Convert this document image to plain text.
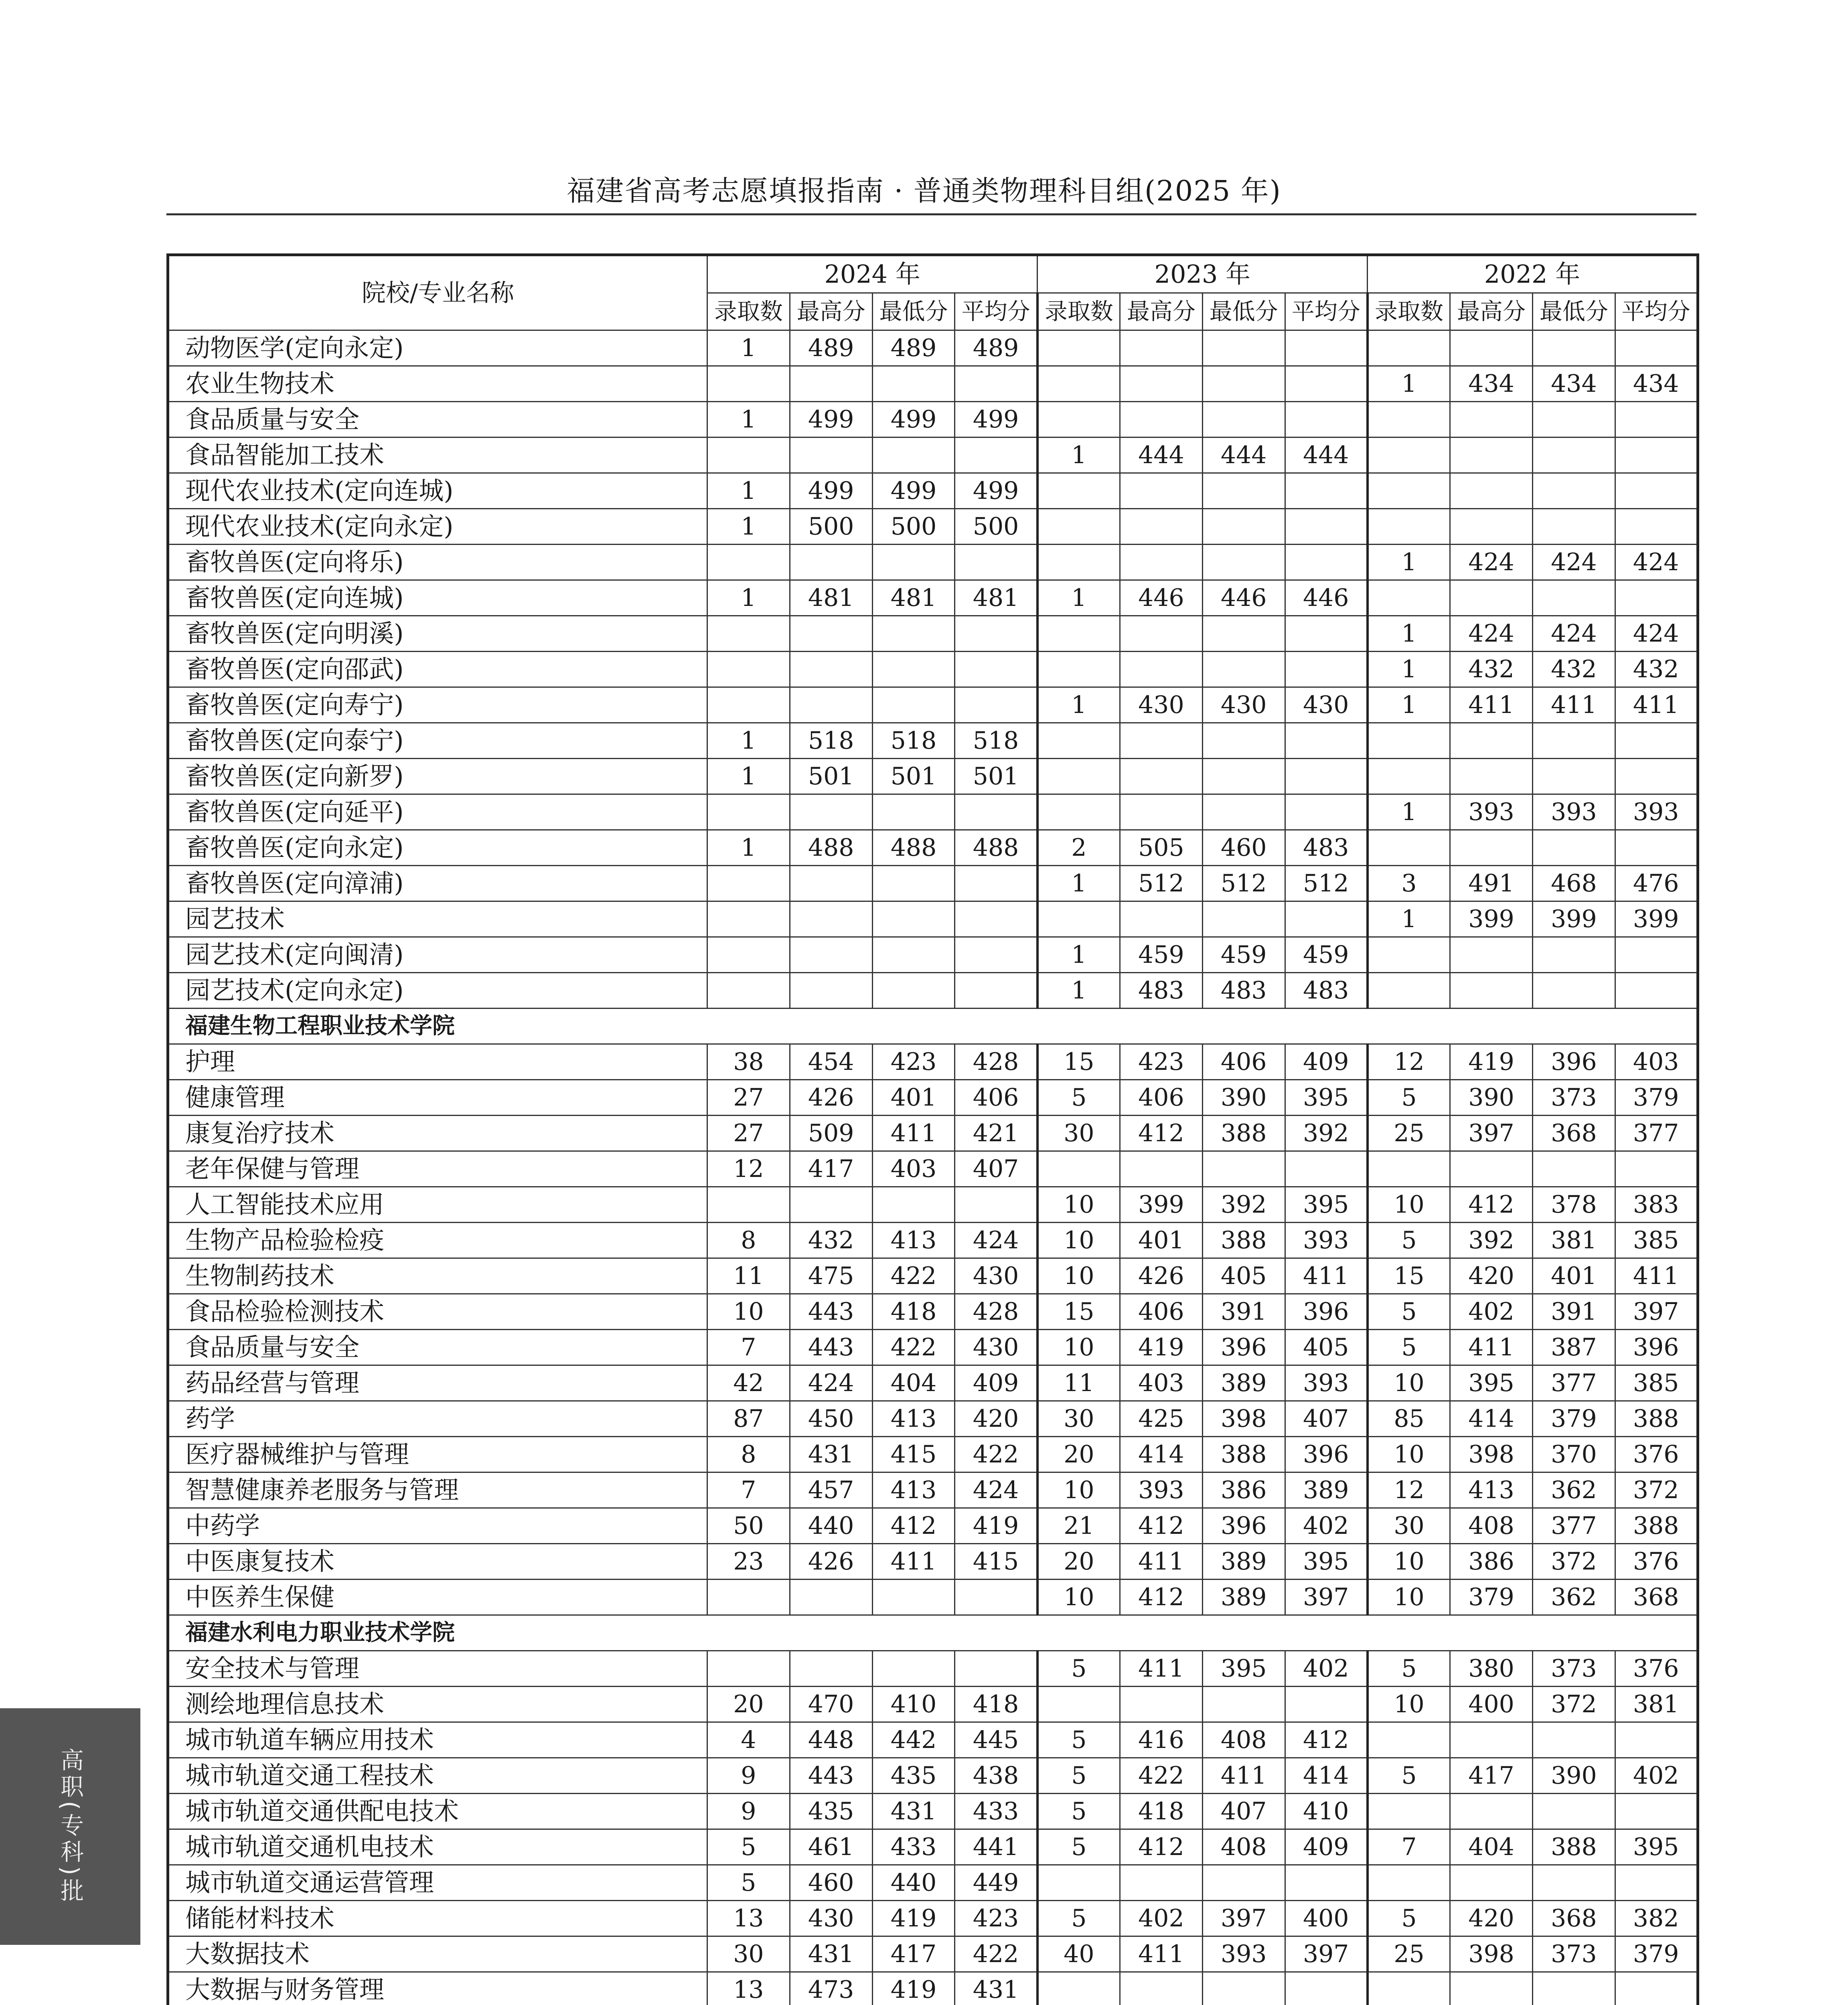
福建省高考志愿填报指南 · 普通类物理科目组(2025 年)
院校/专业名称	2024 年				2023 年				2022 年			
	录取数	最高分	最低分	平均分	录取数	最高分	最低分	平均分	录取数	最高分	最低分	平均分
动物医学(定向永定)	1	489	489	489								
农业生物技术									1	434	434	434
食品质量与安全	1	499	499	499								
食品智能加工技术					1	444	444	444				
现代农业技术(定向连城)	1	499	499	499								
现代农业技术(定向永定)	1	500	500	500								
畜牧兽医(定向将乐)									1	424	424	424
畜牧兽医(定向连城)	1	481	481	481	1	446	446	446				
畜牧兽医(定向明溪)									1	424	424	424
畜牧兽医(定向邵武)									1	432	432	432
畜牧兽医(定向寿宁)					1	430	430	430	1	411	411	411
畜牧兽医(定向泰宁)	1	518	518	518								
畜牧兽医(定向新罗)	1	501	501	501								
畜牧兽医(定向延平)									1	393	393	393
畜牧兽医(定向永定)	1	488	488	488	2	505	460	483				
畜牧兽医(定向漳浦)					1	512	512	512	3	491	468	476
园艺技术									1	399	399	399
园艺技术(定向闽清)					1	459	459	459				
园艺技术(定向永定)					1	483	483	483				
福建生物工程职业技术学院												
护理	38	454	423	428	15	423	406	409	12	419	396	403
健康管理	27	426	401	406	5	406	390	395	5	390	373	379
康复治疗技术	27	509	411	421	30	412	388	392	25	397	368	377
老年保健与管理	12	417	403	407								
人工智能技术应用					10	399	392	395	10	412	378	383
生物产品检验检疫	8	432	413	424	10	401	388	393	5	392	381	385
生物制药技术	11	475	422	430	10	426	405	411	15	420	401	411
食品检验检测技术	10	443	418	428	15	406	391	396	5	402	391	397
食品质量与安全	7	443	422	430	10	419	396	405	5	411	387	396
药品经营与管理	42	424	404	409	11	403	389	393	10	395	377	385
药学	87	450	413	420	30	425	398	407	85	414	379	388
医疗器械维护与管理	8	431	415	422	20	414	388	396	10	398	370	376
智慧健康养老服务与管理	7	457	413	424	10	393	386	389	12	413	362	372
中药学	50	440	412	419	21	412	396	402	30	408	377	388
中医康复技术	23	426	411	415	20	411	389	395	10	386	372	376
中医养生保健					10	412	389	397	10	379	362	368
福建水利电力职业技术学院												
安全技术与管理					5	411	395	402	5	380	373	376
测绘地理信息技术	20	470	410	418					10	400	372	381
城市轨道车辆应用技术	4	448	442	445	5	416	408	412				
城市轨道交通工程技术	9	443	435	438	5	422	411	414	5	417	390	402
城市轨道交通供配电技术	9	435	431	433	5	418	407	410				
城市轨道交通机电技术	5	461	433	441	5	412	408	409	7	404	388	395
城市轨道交通运营管理	5	460	440	449								
储能材料技术	13	430	419	423	5	402	397	400	5	420	368	382
大数据技术	30	431	417	422	40	411	393	397	25	398	373	379
大数据与财务管理	13	473	419	431								

高职(专科)批
